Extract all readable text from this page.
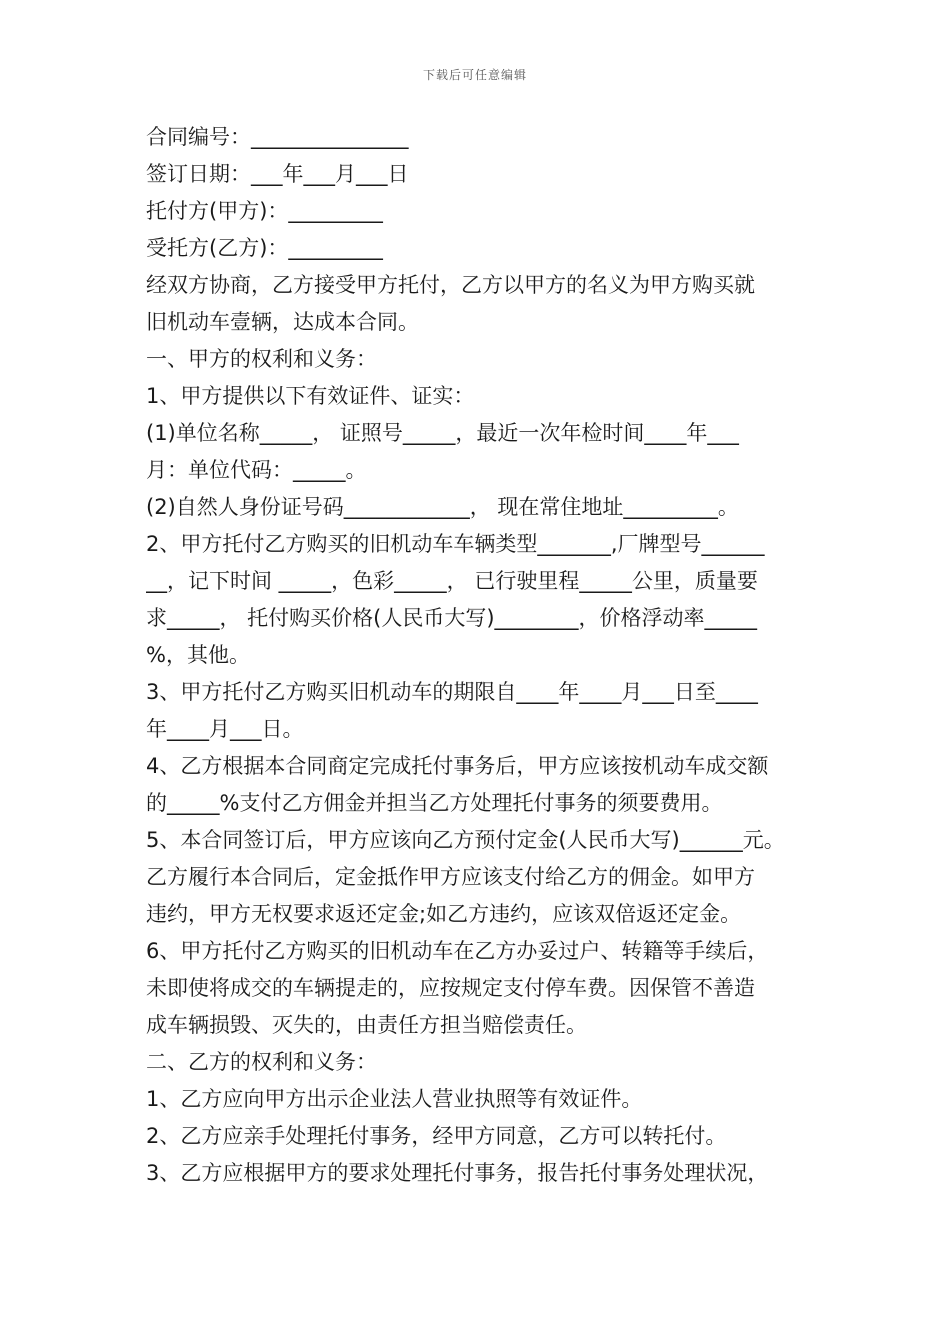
下载后可任意编辑
合同编号：_______________
签订日期：___年___月___日
托付方(甲方)：_________
受托方(乙方)：_________
经双方协商，乙方接受甲方托付，乙方以甲方的名义为甲方购买就
旧机动车壹辆，达成本合同。
一、甲方的权利和义务：
1、甲方提供以下有效证件、证实：
(1)单位名称_____， 证照号_____，最近一次年检时间____年___
月：单位代码：_____。
(2)自然人身份证号码____________， 现在常住地址_________。
2、甲方托付乙方购买的旧机动车车辆类型_______,厂牌型号______
__，记下时间 _____，色彩_____， 已行驶里程_____公里，质量要
求_____， 托付购买价格(人民币大写)________，价格浮动率_____
%，其他。
3、甲方托付乙方购买旧机动车的期限自____年____月___日至____
年____月___日。
4、乙方根据本合同商定完成托付事务后，甲方应该按机动车成交额
的_____%支付乙方佣金并担当乙方处理托付事务的须要费用。
5、本合同签订后，甲方应该向乙方预付定金(人民币大写)______元。
乙方履行本合同后，定金抵作甲方应该支付给乙方的佣金。如甲方
违约，甲方无权要求返还定金;如乙方违约，应该双倍返还定金。
6、甲方托付乙方购买的旧机动车在乙方办妥过户、转籍等手续后，
未即使将成交的车辆提走的，应按规定支付停车费。因保管不善造
成车辆损毁、灭失的，由责任方担当赔偿责任。
二、乙方的权利和义务：
1、乙方应向甲方出示企业法人营业执照等有效证件。
2、乙方应亲手处理托付事务，经甲方同意，乙方可以转托付。
3、乙方应根据甲方的要求处理托付事务，报告托付事务处理状况，
